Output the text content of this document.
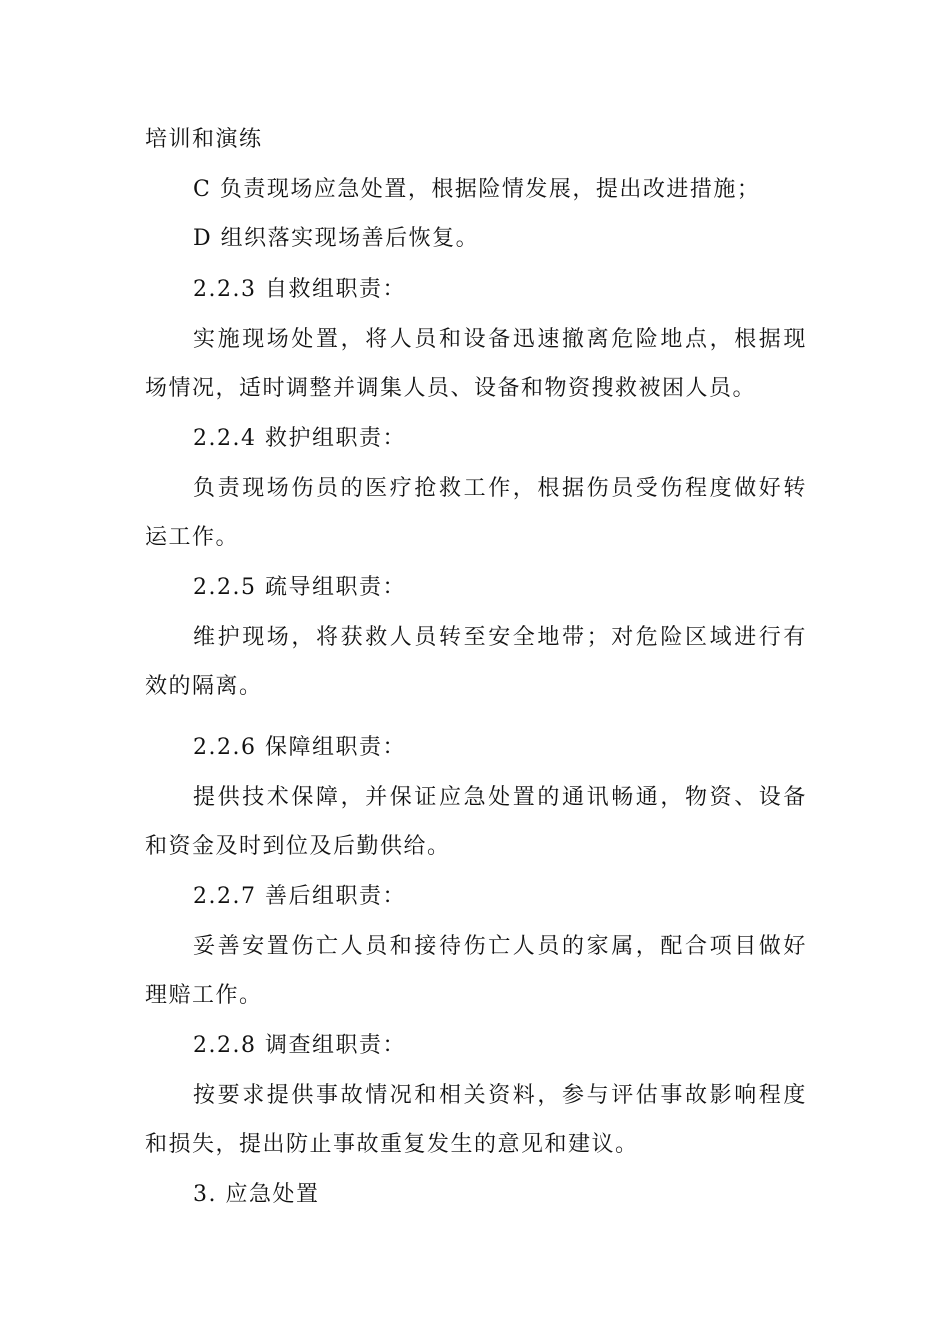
培训和演练
C 负责现场应急处置，根据险情发展，提出改进措施；
D 组织落实现场善后恢复。
2.2.3 自救组职责：
实施现场处置，将人员和设备迅速撤离危险地点，根据现
场情况，适时调整并调集人员、设备和物资搜救被困人员。
2.2.4 救护组职责：
负责现场伤员的医疗抢救工作，根据伤员受伤程度做好转
运工作。
2.2.5 疏导组职责：
维护现场，将获救人员转至安全地带；对危险区域进行有
效的隔离。
2.2.6 保障组职责：
提供技术保障，并保证应急处置的通讯畅通，物资、设备
和资金及时到位及后勤供给。
2.2.7 善后组职责：
妥善安置伤亡人员和接待伤亡人员的家属，配合项目做好
理赔工作。
2.2.8 调查组职责：
按要求提供事故情况和相关资料，参与评估事故影响程度
和损失，提出防止事故重复发生的意见和建议。
3. 应急处置
